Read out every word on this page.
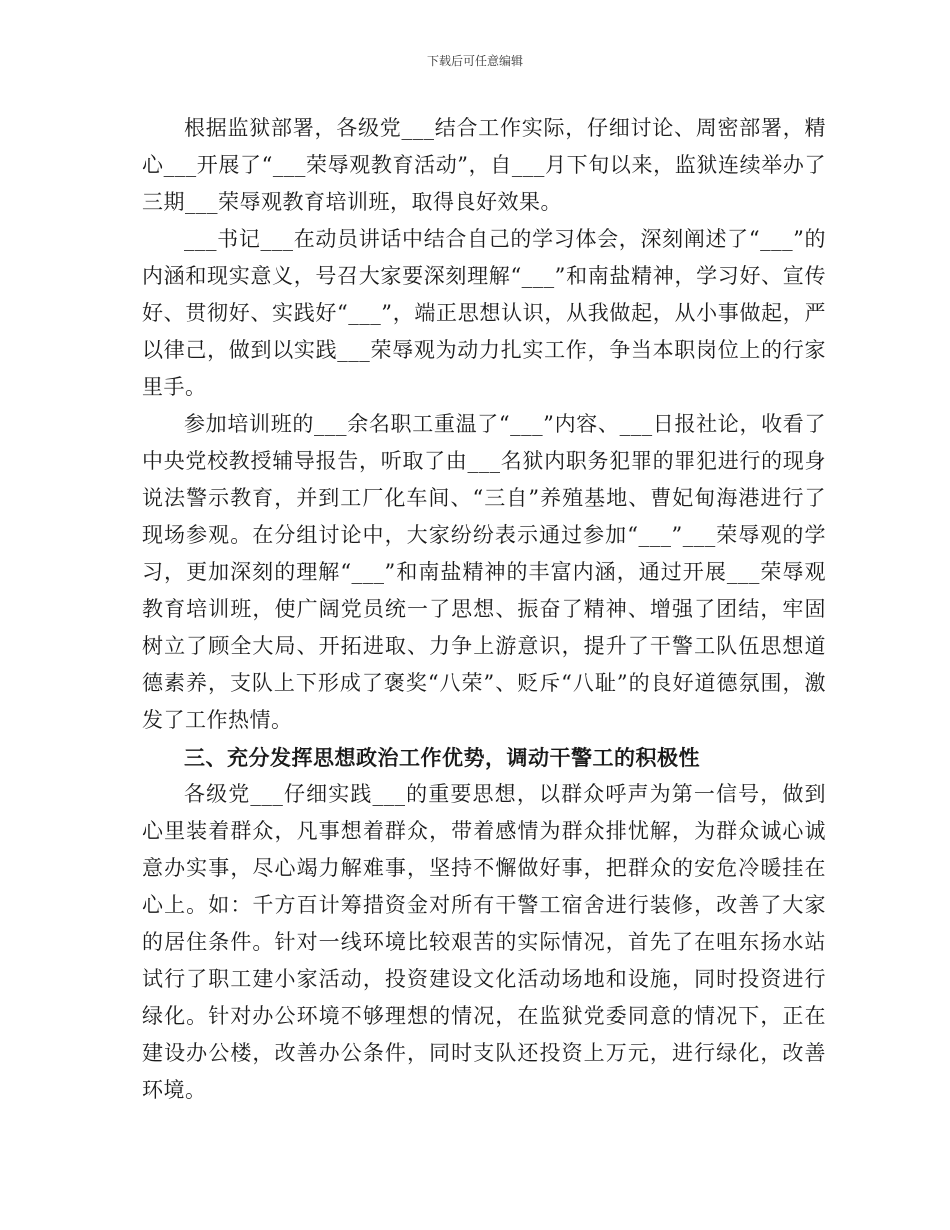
下载后可任意编辑

根据监狱部署，各级党___结合工作实际，仔细讨论、周密部署，精心___开展了“___荣辱观教育活动”，自___月下旬以来，监狱连续举办了三期___荣辱观教育培训班，取得良好效果。

___书记___在动员讲话中结合自己的学习体会，深刻阐述了“___”的内涵和现实意义，号召大家要深刻理解“___”和南盐精神，学习好、宣传好、贯彻好、实践好“___”，端正思想认识，从我做起，从小事做起，严以律己，做到以实践___荣辱观为动力扎实工作，争当本职岗位上的行家里手。

参加培训班的___余名职工重温了“___”内容、___日报社论，收看了中央党校教授辅导报告，听取了由___名狱内职务犯罪的罪犯进行的现身说法警示教育，并到工厂化车间、“三自”养殖基地、曹妃甸海港进行了现场参观。在分组讨论中，大家纷纷表示通过参加“___”___荣辱观的学习，更加深刻的理解“___”和南盐精神的丰富内涵，通过开展___荣辱观教育培训班，使广阔党员统一了思想、振奋了精神、增强了团结，牢固树立了顾全大局、开拓进取、力争上游意识，提升了干警工队伍思想道德素养，支队上下形成了褒奖“八荣”、贬斥“八耻”的良好道德氛围，激发了工作热情。

三、充分发挥思想政治工作优势，调动干警工的积极性

各级党___仔细实践___的重要思想，以群众呼声为第一信号，做到心里装着群众，凡事想着群众，带着感情为群众排忧解，为群众诚心诚意办实事，尽心竭力解难事，坚持不懈做好事，把群众的安危冷暖挂在心上。如：千方百计筹措资金对所有干警工宿舍进行装修，改善了大家的居住条件。针对一线环境比较艰苦的实际情况，首先了在咀东扬水站试行了职工建小家活动，投资建设文化活动场地和设施，同时投资进行绿化。针对办公环境不够理想的情况，在监狱党委同意的情况下，正在建设办公楼，改善办公条件，同时支队还投资上万元，进行绿化，改善环境。
